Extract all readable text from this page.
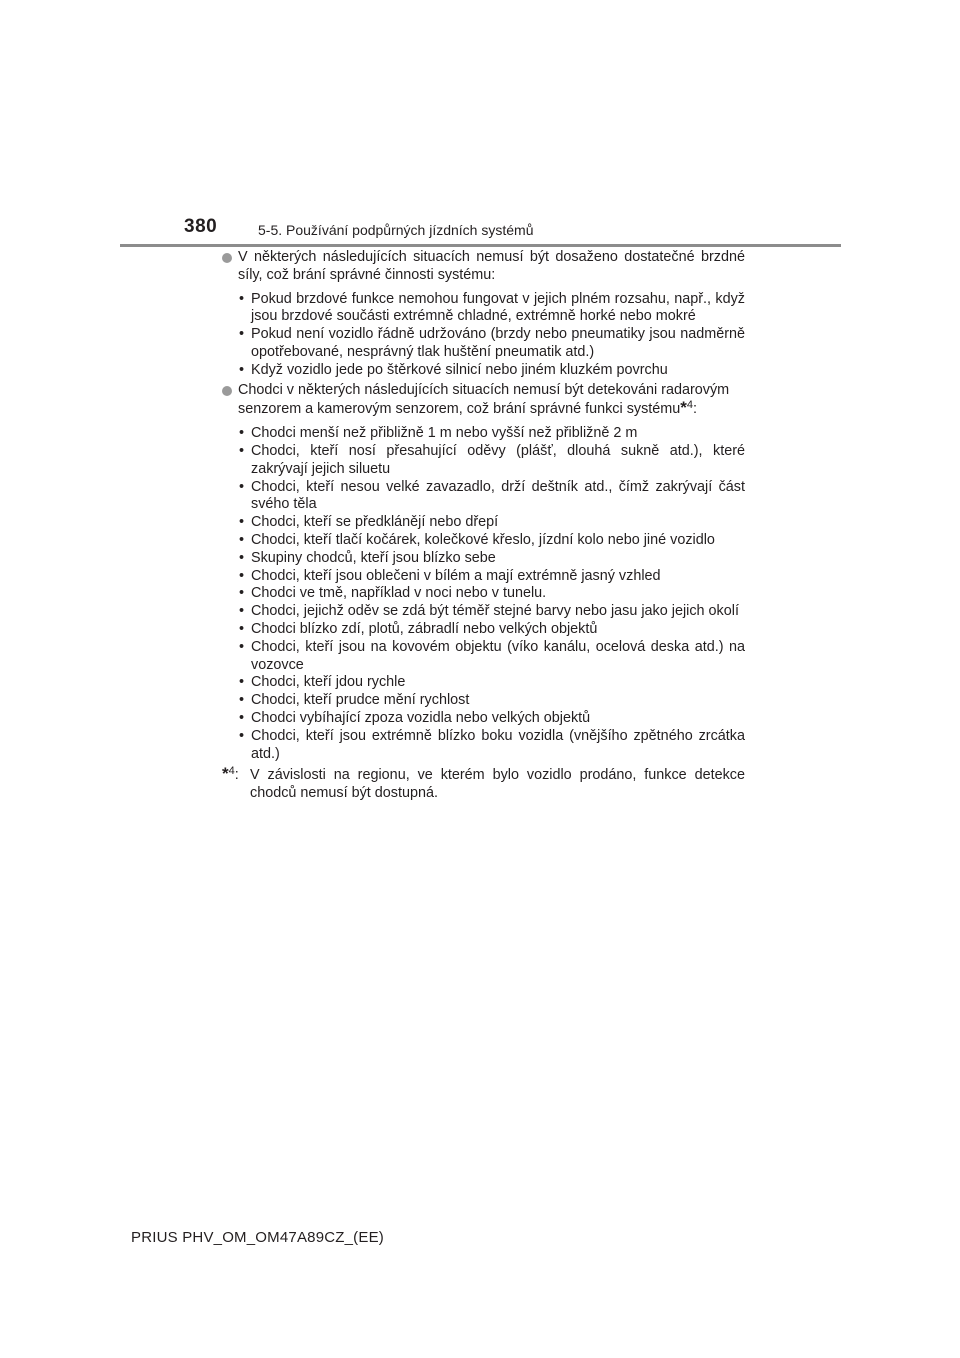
380	5-5. Používání podpůrných jízdních systémů
V některých následujících situacích nemusí být dosaženo dostatečné brzdné síly, což brání správné činnosti systému:
• Pokud brzdové funkce nemohou fungovat v jejich plném rozsahu, např., když jsou brzdové součásti extrémně chladné, extrémně horké nebo mokré
• Pokud není vozidlo řádně udržováno (brzdy nebo pneumatiky jsou nadměrně opotřebované, nesprávný tlak huštění pneumatik atd.)
• Když vozidlo jede po štěrkové silnicí nebo jiném kluzkém povrchu
Chodci v některých následujících situacích nemusí být detekováni radarovým
senzorem a kamerovým senzorem, což brání správné funkci systému*$^4$:
• Chodci menší než přibližně 1 m nebo vyšší než přibližně 2 m
• Chodci, kteří nosí přesahující oděvy (plášť, dlouhá sukně atd.), které zakrývají jejich siluetu
• Chodci, kteří nesou velké zavazadlo, drží deštník atd., čímž zakrývají část svého těla
• Chodci, kteří se předklánějí nebo dřepí
• Chodci, kteří tlačí kočárek, kolečkové křeslo, jízdní kolo nebo jiné vozidlo
• Skupiny chodců, kteří jsou blízko sebe
• Chodci, kteří jsou oblečeni v bílém a mají extrémně jasný vzhled
• Chodci ve tmě, například v noci nebo v tunelu.
• Chodci, jejichž oděv se zdá být téměř stejné barvy nebo jasu jako jejich okolí
• Chodci blízko zdí, plotů, zábradlí nebo velkých objektů
• Chodci, kteří jsou na kovovém objektu (víko kanálu, ocelová deska atd.) na vozovce
• Chodci, kteří jdou rychle
• Chodci, kteří prudce mění rychlost
• Chodci vybíhající zpoza vozidla nebo velkých objektů
• Chodci, kteří jsou extrémně blízko boku vozidla (vnějšího zpětného zrcátka atd.)
*$^4$: V závislosti na regionu, ve kterém bylo vozidlo prodáno, funkce detekce chodců nemusí být dostupná.
PRIUS PHV_OM_OM47A89CZ_(EE)
